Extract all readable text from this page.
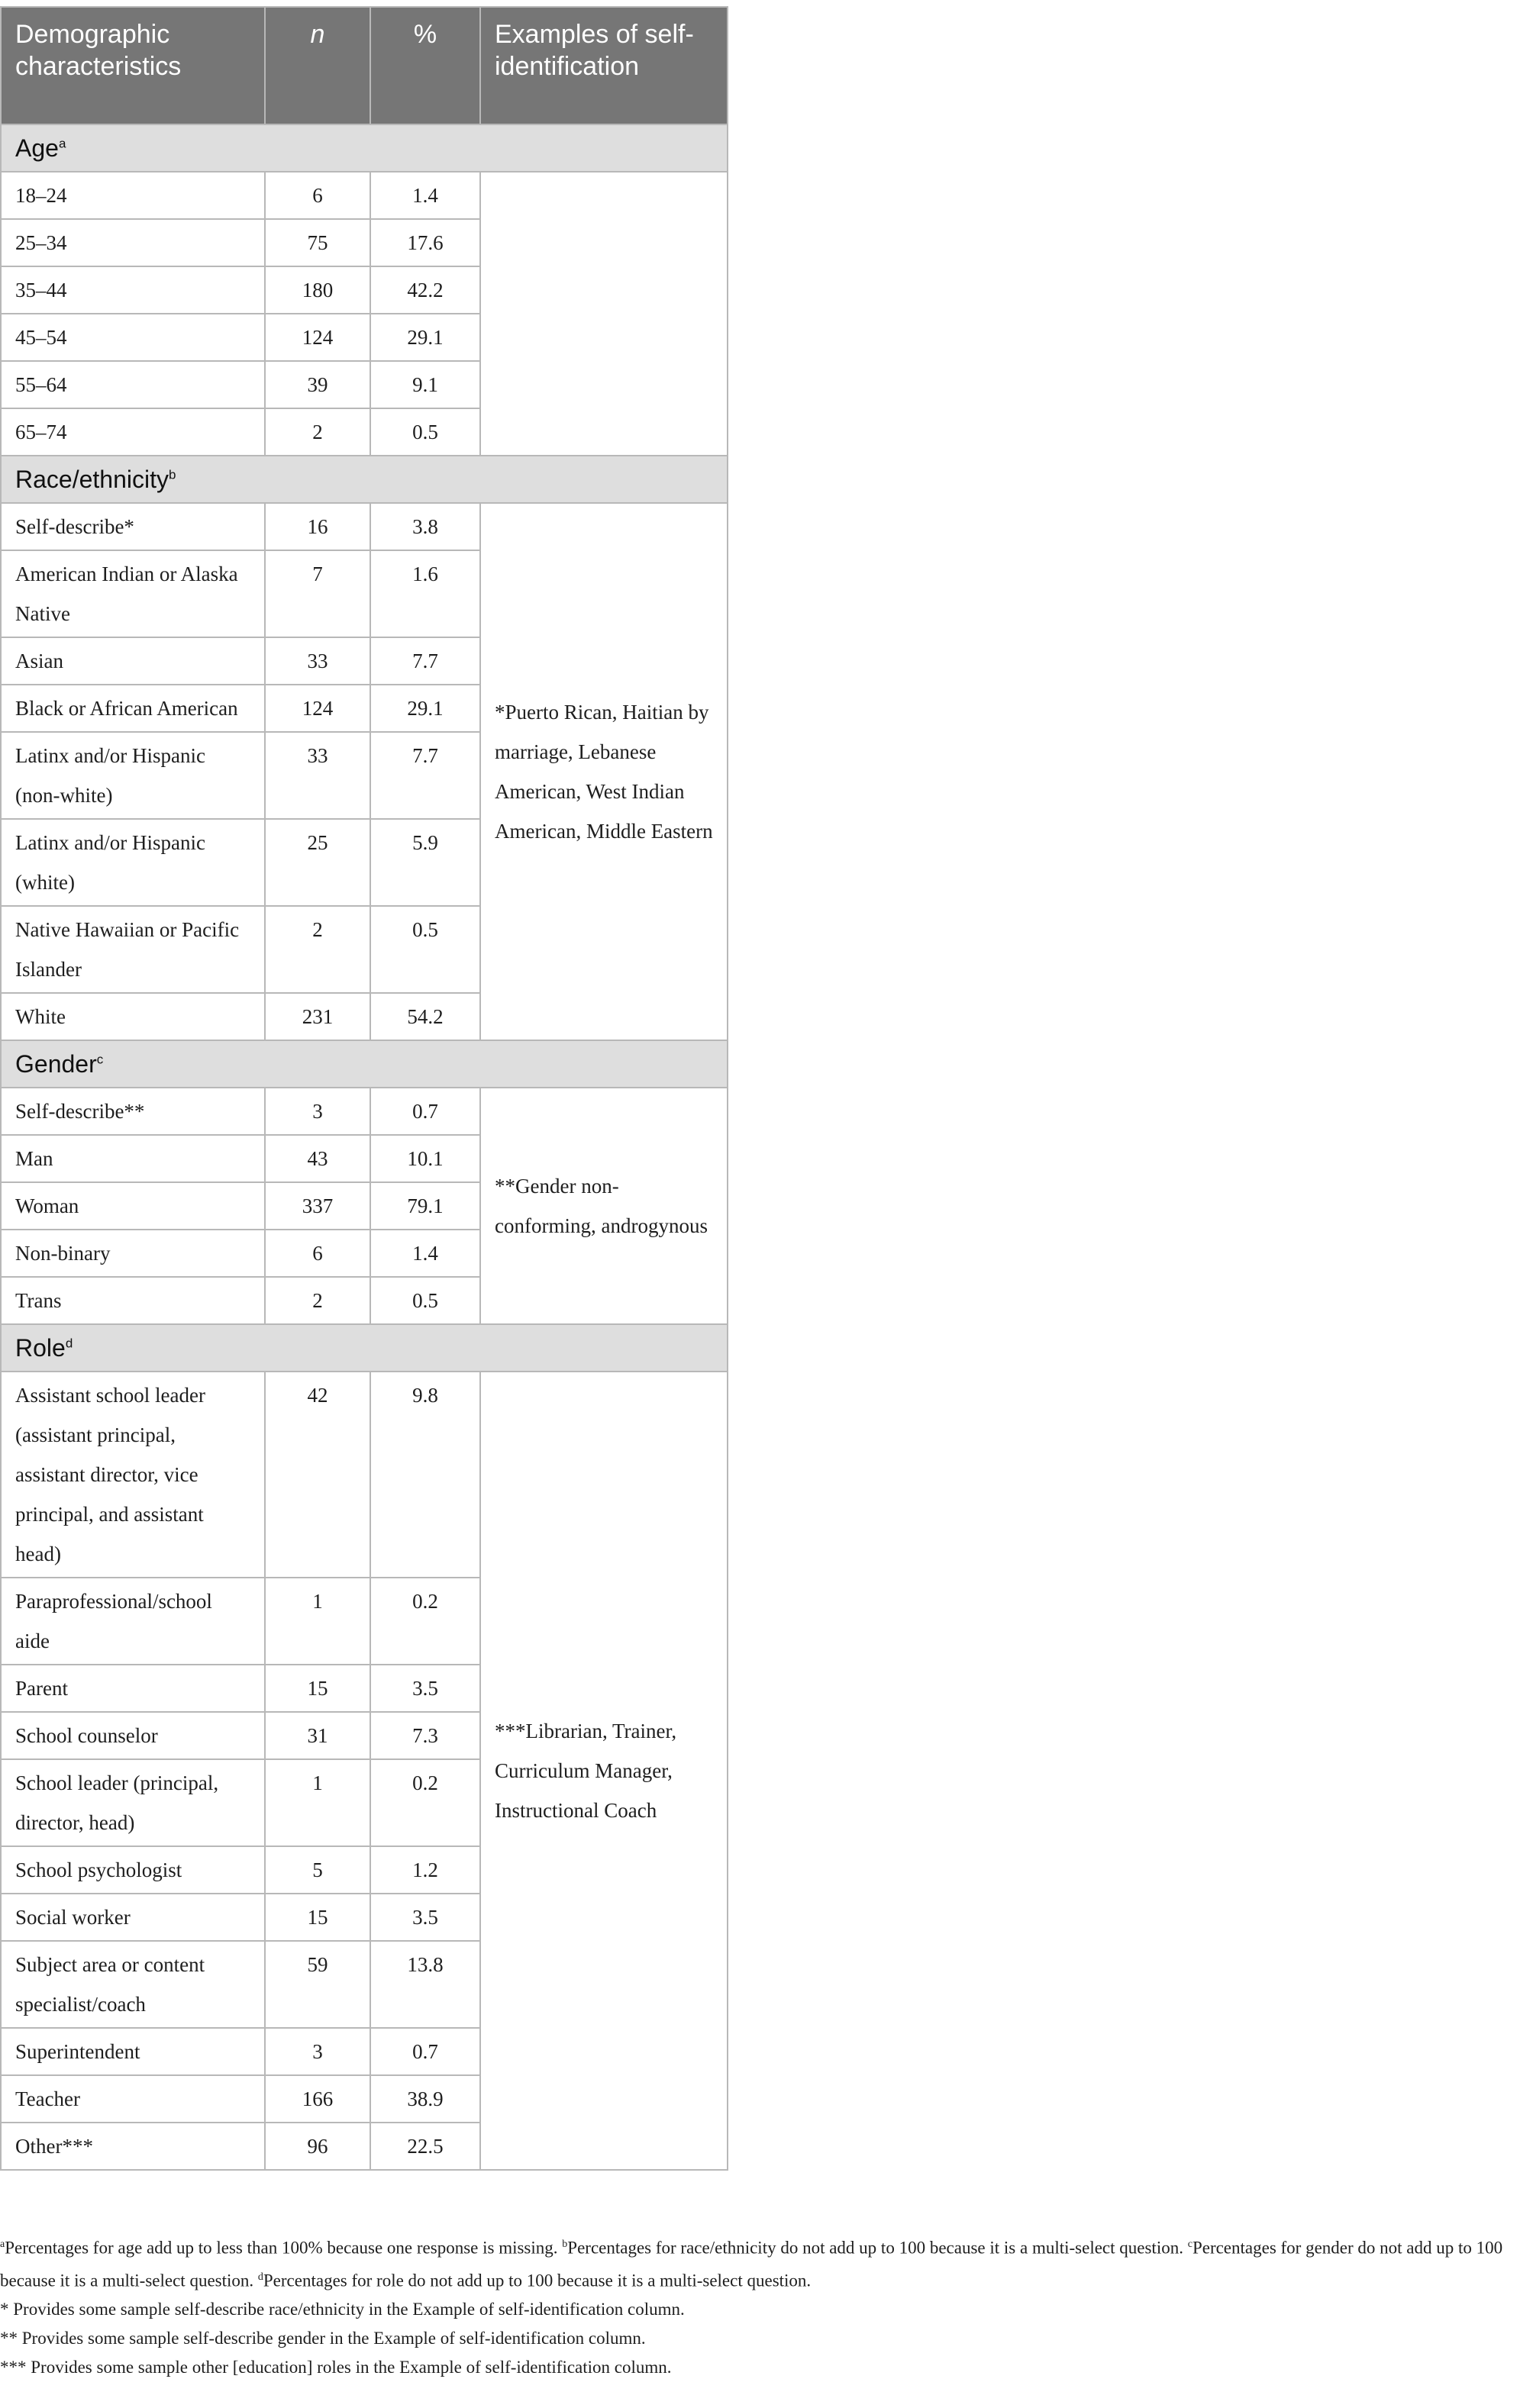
Demographic characteristics	n	%	Examples of self-identification
Age$^a$
18–24	6	1.4	
25–34	75	17.6	
35–44	180	42.2	
45–54	124	29.1	
55–64	39	9.1	
65–74	2	0.5	
Race/ethnicity$^b$
Self-describe*	16	3.8	*Puerto Rican, Haitian by marriage, Lebanese American, West Indian American, Middle Eastern
American Indian or Alaska Native	7	1.6	
Asian	33	7.7	
Black or African American	124	29.1	
Latinx and/or Hispanic (non-white)	33	7.7	
Latinx and/or Hispanic (white)	25	5.9	
Native Hawaiian or Pacific Islander	2	0.5	
White	231	54.2	
Gender$^c$
Self-describe**	3	0.7	**Gender non-conforming, androgynous
Man	43	10.1	
Woman	337	79.1	
Non-binary	6	1.4	
Trans	2	0.5	
Role$^d$
Assistant school leader (assistant principal, assistant director, vice principal, and assistant head)	42	9.8	***Librarian, Trainer, Curriculum Manager, Instructional Coach
Paraprofessional/school aide	1	0.2	
Parent	15	3.5	
School counselor	31	7.3	
School leader (principal, director, head)	1	0.2	
School psychologist	5	1.2	
Social worker	15	3.5	
Subject area or content specialist/coach	59	13.8	
Superintendent	3	0.7	
Teacher	166	38.9	
Other***	96	22.5	

$^a$Percentages for age add up to less than 100% because one response is missing. $^b$Percentages for race/ethnicity do not add up to 100 because it is a multi-select question. $^c$Percentages for gender do not add up to 100 because it is a multi-select question. $^d$Percentages for role do not add up to 100 because it is a multi-select question.

* Provides some sample self-describe race/ethnicity in the Example of self-identification column.

** Provides some sample self-describe gender in the Example of self-identification column.

*** Provides some sample other [education] roles in the Example of self-identification column.
